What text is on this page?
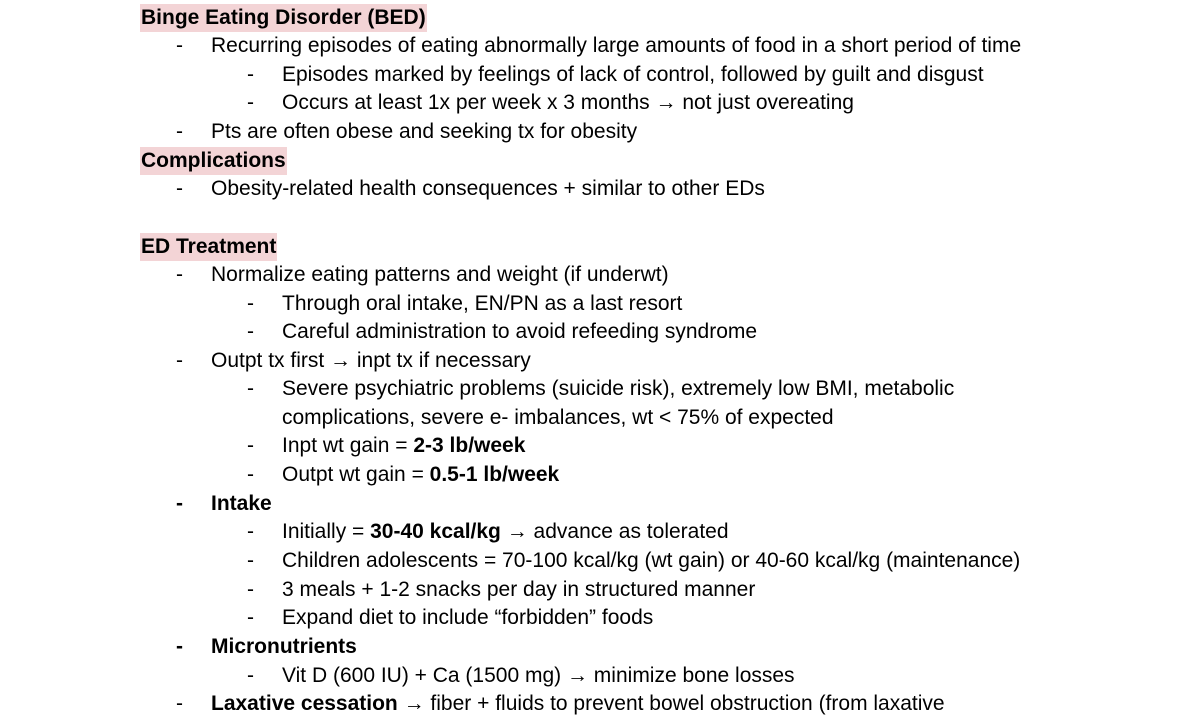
Binge Eating Disorder (BED)
-	Recurring episodes of eating abnormally large amounts of food in a short period of time
-	Episodes marked by feelings of lack of control, followed by guilt and disgust
-	Occurs at least 1x per week x 3 months → not just overeating
-	Pts are often obese and seeking tx for obesity
Complications
-	Obesity-related health consequences + similar to other EDs
ED Treatment
-	Normalize eating patterns and weight (if underwt)
-	Through oral intake, EN/PN as a last resort
-	Careful administration to avoid refeeding syndrome
-	Outpt tx first → inpt tx if necessary
-	Severe psychiatric problems (suicide risk), extremely low BMI, metabolic
complications, severe e- imbalances, wt < 75% of expected
-	Inpt wt gain = 2-3 lb/week
-	Outpt wt gain = 0.5-1 lb/week
-	Intake
-	Initially = 30-40 kcal/kg → advance as tolerated
-	Children adolescents = 70-100 kcal/kg (wt gain) or 40-60 kcal/kg (maintenance)
-	3 meals + 1-2 snacks per day in structured manner
-	Expand diet to include “forbidden” foods
-	Micronutrients
-	Vit D (600 IU) + Ca (1500 mg) → minimize bone losses
-	Laxative cessation → fiber + fluids to prevent bowel obstruction (from laxative
